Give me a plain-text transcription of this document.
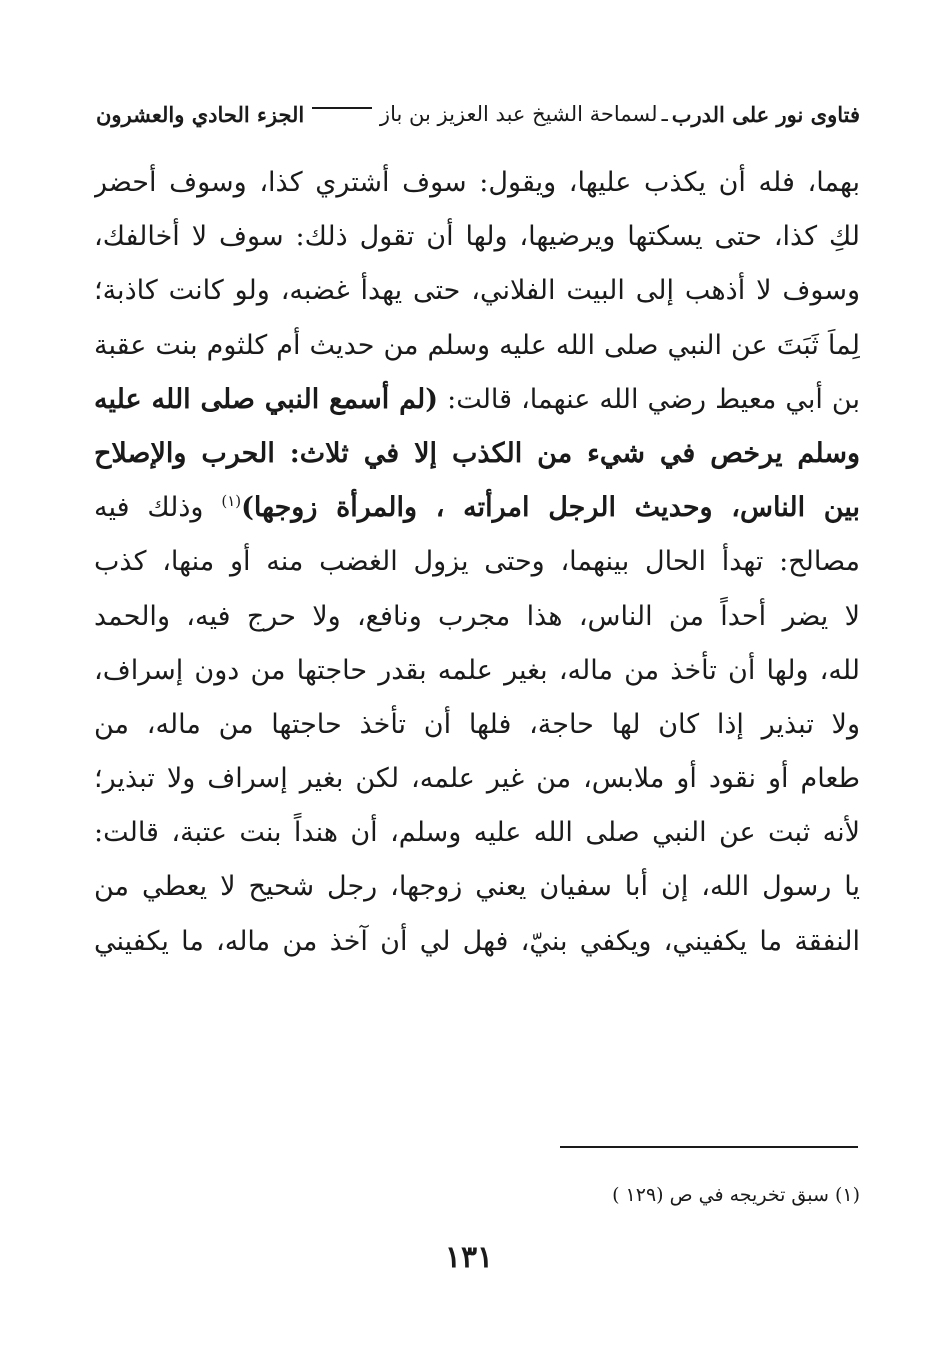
فتاوى نور على الدرب
ـ
لسماحة الشيخ عبد العزيز بن باز
الجزء الحادي والعشرون
بهما، فله أن يكذب عليها، ويقول: سوف أشتري كذا، وسوف أحضر
لكِ كذا، حتى يسكتها ويرضيها، ولها أن تقول ذلك: سوف لا أخالفك،
وسوف لا أذهب إلى البيت الفلاني، حتى يهدأ غضبه، ولو كانت كاذبة؛
لِماَ ثَبَتَ عن النبي صلى الله عليه وسلم من حديث أم كلثوم بنت عقبة
بن أبي معيط رضي الله عنهما، قالت: (لم أسمع النبي صلى الله عليه
وسلم يرخص في شيء من الكذب إلا في ثلاث: الحرب والإصلاح
بين الناس، وحديث الرجل امرأته ، والمرأة زوجها)$^{(١)}$ وذلك فيه
مصالح: تهدأ الحال بينهما، وحتى يزول الغضب منه أو منها، كذب
لا يضر أحداً من الناس، هذا مجرب ونافع، ولا حرج فيه، والحمد
لله، ولها أن تأخذ من ماله، بغير علمه بقدر حاجتها من دون إسراف،
ولا تبذير إذا كان لها حاجة، فلها أن تأخذ حاجتها من ماله، من
طعام أو نقود أو ملابس، من غير علمه، لكن بغير إسراف ولا تبذير؛
لأنه ثبت عن النبي صلى الله عليه وسلم، أن هنداً بنت عتبة، قالت:
يا رسول الله، إن أبا سفيان يعني زوجها، رجل شحيح لا يعطي من
النفقة ما يكفيني، ويكفي بنيّ، فهل لي أن آخذ من ماله، ما يكفيني
(١) سبق تخريجه في ص (١٢٩ )
١٣١
